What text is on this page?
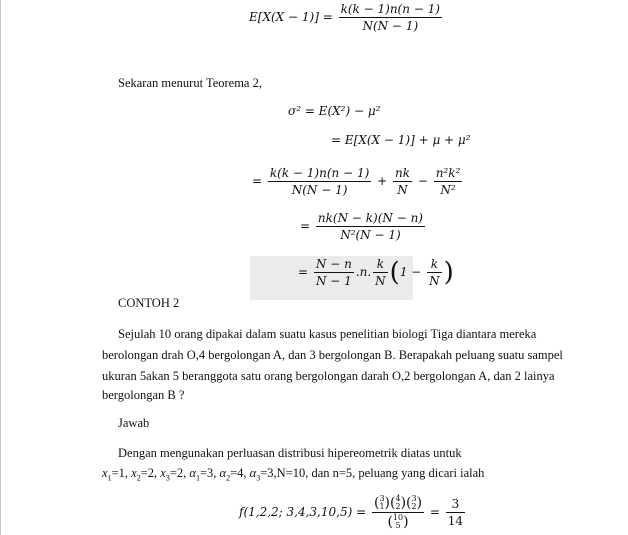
$E[X(X - 1)] = \frac{k(k - 1)n(n - 1)}{N(N - 1)}$
Sekaran menurut Teorema 2,
σ² = E(X²) − μ²
= E[X(X − 1)] + μ + μ²
= $\frac{k(k - 1)n(n - 1)}{N(N - 1)} + \frac{nk}{N} - \frac{\text{n²k²}}{\text{N²}}$
= $\frac{nk(N - k)(N - n)}{\text{N²(N − 1)}}$
= $\frac{N - n}{N - 1} .n$. $\frac{k}{N} (1 - \frac{k}{N}$ )
CONTOH 2
Sejulah 10 orang dipakai dalam suatu kasus penelitian biologi Tiga diantara mereka
berolongan drah O,4 bergolongan A, dan 3 bergolongan B. Berapakah peluang suatu sampel
ukuran 5akan 5 beranggota satu orang bergolongan darah O,2 bergolongan A, dan 2 lainya
bergolongan B ?
Jawab
Dengan mengunakan perluasan distribusi hipereometrik diatas untuk
$x_1=1$, $x_2=2$, $x_3=2$, $\alpha_1=3$, $\alpha_2=4$, $\alpha_3=3,N=10$, dan n=5, peluang yang dicari ialah
f(1,2,2; 3,4,3,10,5) =
(3
1)(4
2)(3
2)
(10
5 )
= $\frac{3}{14}$
